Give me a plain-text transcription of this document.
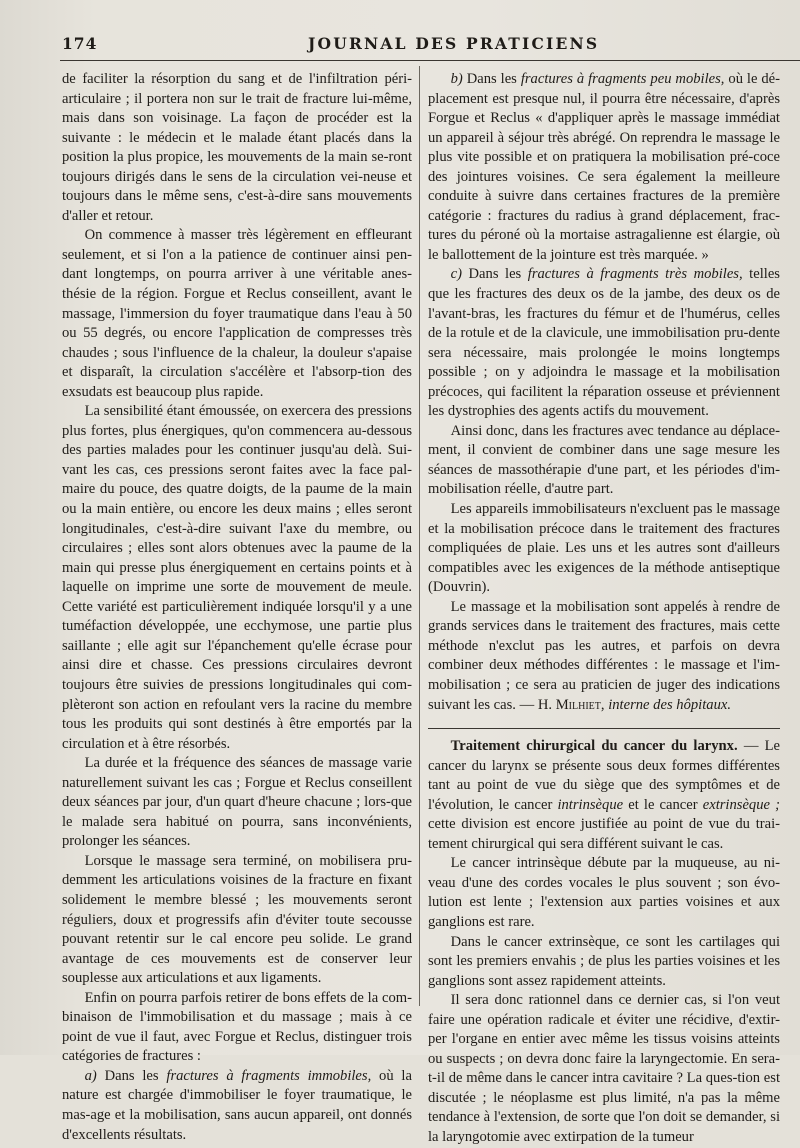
174	JOURNAL DES PRATICIENS

de faciliter la résorption du sang et de l'infiltration péri-articulaire ; il portera non sur le trait de fracture lui-même, mais dans son voisinage. La façon de procéder est la suivante : le médecin et le malade étant placés dans la position la plus propice, les mouvements de la main se-ront toujours dirigés dans le sens de la circulation vei-neuse et toujours dans le même sens, c'est-à-dire sans mouvements d'aller et retour.

On commence à masser très légèrement en effleurant seulement, et si l'on a la patience de continuer ainsi pen-dant longtemps, on pourra arriver à une véritable anes-thésie de la région. Forgue et Reclus conseillent, avant le massage, l'immersion du foyer traumatique dans l'eau à 50 ou 55 degrés, ou encore l'application de compresses très chaudes ; sous l'influence de la chaleur, la douleur s'apaise et disparaît, la circulation s'accélère et l'absorp-tion des exsudats est beaucoup plus rapide.

La sensibilité étant émoussée, on exercera des pressions plus fortes, plus énergiques, qu'on commencera au-dessous des parties malades pour les continuer jusqu'au delà. Sui-vant les cas, ces pressions seront faites avec la face pal-maire du pouce, des quatre doigts, de la paume de la main ou la main entière, ou encore les deux mains ; elles seront longitudinales, c'est-à-dire suivant l'axe du membre, ou circulaires ; elles sont alors obtenues avec la paume de la main qui presse plus énergiquement en certains points et à laquelle on imprime une sorte de mouvement de meule. Cette variété est particulièrement indiquée lorsqu'il y a une tuméfaction développée, une ecchymose, une partie plus saillante ; elle agit sur l'épanchement qu'elle écrase pour ainsi dire et chasse. Ces pressions circulaires devront toujours être suivies de pressions longitudinales qui com-plèteront son action en refoulant vers la racine du membre tous les produits qui sont destinés à être emportés par la circulation et à être résorbés.

La durée et la fréquence des séances de massage varie naturellement suivant les cas ; Forgue et Reclus conseillent deux séances par jour, d'un quart d'heure chacune ; lors-que le malade sera habitué on pourra, sans inconvénients, prolonger les séances.

Lorsque le massage sera terminé, on mobilisera pru-demment les articulations voisines de la fracture en fixant solidement le membre blessé ; les mouvements seront réguliers, doux et progressifs afin d'éviter toute secousse pouvant retentir sur le cal encore peu solide. Le grand avantage de ces mouvements est de conserver leur souplesse aux articulations et aux ligaments.

Enfin on pourra parfois retirer de bons effets de la com-binaison de l'immobilisation et du massage ; mais à ce point de vue il faut, avec Forgue et Reclus, distinguer trois catégories de fractures :

a) Dans les fractures à fragments immobiles, où la nature est chargée d'immobiliser le foyer traumatique, le mas-age et la mobilisation, sans aucun appareil, ont donnés d'excellents résultats.

b) Dans les fractures à fragments peu mobiles, où le dé-placement est presque nul, il pourra être nécessaire, d'après Forgue et Reclus « d'appliquer après le massage immédiat un appareil à séjour très abrégé. On reprendra le massage le plus vite possible et on pratiquera la mobilisation pré-coce des jointures voisines. Ce sera également la meilleure conduite à suivre dans certaines fractures de la première catégorie : fractures du radius à grand déplacement, frac-tures du péroné où la mortaise astragalienne est élargie, où le ballottement de la jointure est très marquée. »

c) Dans les fractures à fragments très mobiles, telles que les fractures des deux os de la jambe, des deux os de l'avant-bras, les fractures du fémur et de l'humérus, celles de la rotule et de la clavicule, une immobilisation pru-dente sera nécessaire, mais prolongée le moins longtemps possible ; on y adjoindra le massage et la mobilisation précoces, qui facilitent la réparation osseuse et préviennent les dystrophies des agents actifs du mouvement.

Ainsi donc, dans les fractures avec tendance au déplace-ment, il convient de combiner dans une sage mesure les séances de massothérapie d'une part, et les périodes d'im-mobilisation réelle, d'autre part.

Les appareils immobilisateurs n'excluent pas le massage et la mobilisation précoce dans le traitement des fractures compliquées de plaie. Les uns et les autres sont d'ailleurs compatibles avec les exigences de la méthode antiseptique (Douvrin).

Le massage et la mobilisation sont appelés à rendre de grands services dans le traitement des fractures, mais cette méthode n'exclut pas les autres, et parfois on devra combiner deux méthodes différentes : le massage et l'im-mobilisation ; ce sera au praticien de juger des indications suivant les cas. — H. Milhiet, interne des hôpitaux.

Traitement chirurgical du cancer du larynx. — Le cancer du larynx se présente sous deux formes différentes tant au point de vue du siège que des symptômes et de l'évolution, le cancer intrinsèque et le cancer extrinsèque ; cette division est encore justifiée au point de vue du trai-tement chirurgical qui sera différent suivant le cas.

Le cancer intrinsèque débute par la muqueuse, au ni-veau d'une des cordes vocales le plus souvent ; son évo-lution est lente ; l'extension aux parties voisines et aux ganglions est rare.

Dans le cancer extrinsèque, ce sont les cartilages qui sont les premiers envahis ; de plus les parties voisines et les ganglions sont assez rapidement atteints.

Il sera donc rationnel dans ce dernier cas, si l'on veut faire une opération radicale et éviter une récidive, d'extir-per l'organe en entier avec même les tissus voisins atteints ou suspects ; on devra donc faire la laryngectomie. En sera-t-il de même dans le cancer intra cavitaire ? La ques-tion est discutée ; le néoplasme est plus limité, n'a pas la même tendance à l'extension, de sorte que l'on doit se demander, si la laryngotomie avec extirpation de la tumeur
